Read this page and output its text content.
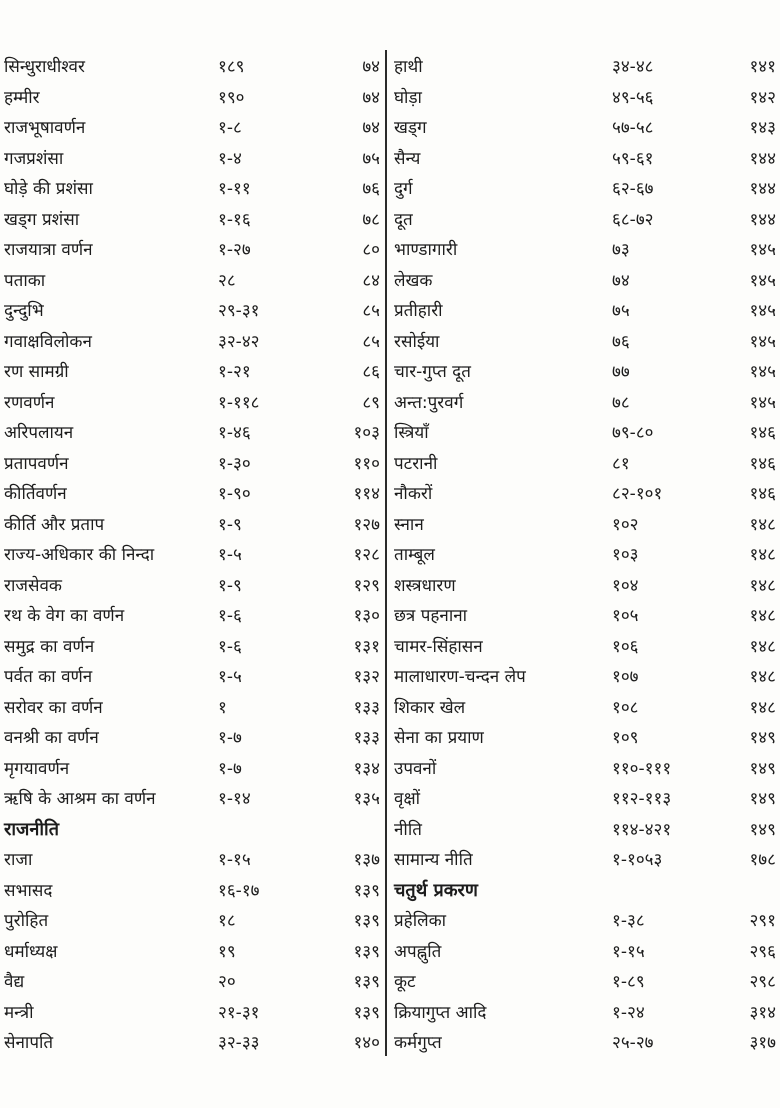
सिन्धुराधीश्वर	१८९	७४
हम्मीर	१९०	७४
राजभूषावर्णन	१-८	७४
गजप्रशंसा	१-४	७५
घोड़े की प्रशंसा	१-११	७६
खड्ग प्रशंसा	१-१६	७८
राजयात्रा वर्णन	१-२७	८०
पताका	२८	८४
दुन्दुभि	२९-३१	८५
गवाक्षविलोकन	३२-४२	८५
रण सामग्री	१-२१	८६
रणवर्णन	१-११८	८९
अरिपलायन	१-४६	१०३
प्रतापवर्णन	१-३०	११०
कीर्तिवर्णन	१-९०	११४
कीर्ति और प्रताप	१-९	१२७
राज्य-अधिकार की निन्दा	१-५	१२८
राजसेवक	१-९	१२९
रथ के वेग का वर्णन	१-६	१३०
समुद्र का वर्णन	१-६	१३१
पर्वत का वर्णन	१-५	१३२
सरोवर का वर्णन	१	१३३
वनश्री का वर्णन	१-७	१३३
मृगयावर्णन	१-७	१३४
ऋषि के आश्रम का वर्णन	१-१४	१३५
राजनीति
राजा	१-१५	१३७
सभासद	१६-१७	१३९
पुरोहित	१८	१३९
धर्माध्यक्ष	१९	१३९
वैद्य	२०	१३९
मन्त्री	२१-३१	१३९
सेनापति	३२-३३	१४०
हाथी	३४-४८	१४१
घोड़ा	४९-५६	१४२
खड्ग	५७-५८	१४३
सैन्य	५९-६१	१४४
दुर्ग	६२-६७	१४४
दूत	६८-७२	१४४
भाण्डागारी	७३	१४५
लेखक	७४	१४५
प्रतीहारी	७५	१४५
रसोईया	७६	१४५
चार-गुप्त दूत	७७	१४५
अन्त:पुरवर्ग	७८	१४५
स्त्रियाँ	७९-८०	१४६
पटरानी	८१	१४६
नौकरों	८२-१०१	१४६
स्नान	१०२	१४८
ताम्बूल	१०३	१४८
शस्त्रधारण	१०४	१४८
छत्र पहनाना	१०५	१४८
चामर-सिंहासन	१०६	१४८
मालाधारण-चन्दन लेप	१०७	१४८
शिकार खेल	१०८	१४८
सेना का प्रयाण	१०९	१४९
उपवनों	११०-१११	१४९
वृक्षों	११२-११३	१४९
नीति	११४-४२१	१४९
सामान्य नीति	१-१०५३	१७८
चतुर्थ प्रकरण
प्रहेलिका	१-३८	२९१
अपह्नुति	१-१५	२९६
कूट	१-८९	२९८
क्रियागुप्त आदि	१-२४	३१४
कर्मगुप्त	२५-२७	३१७
